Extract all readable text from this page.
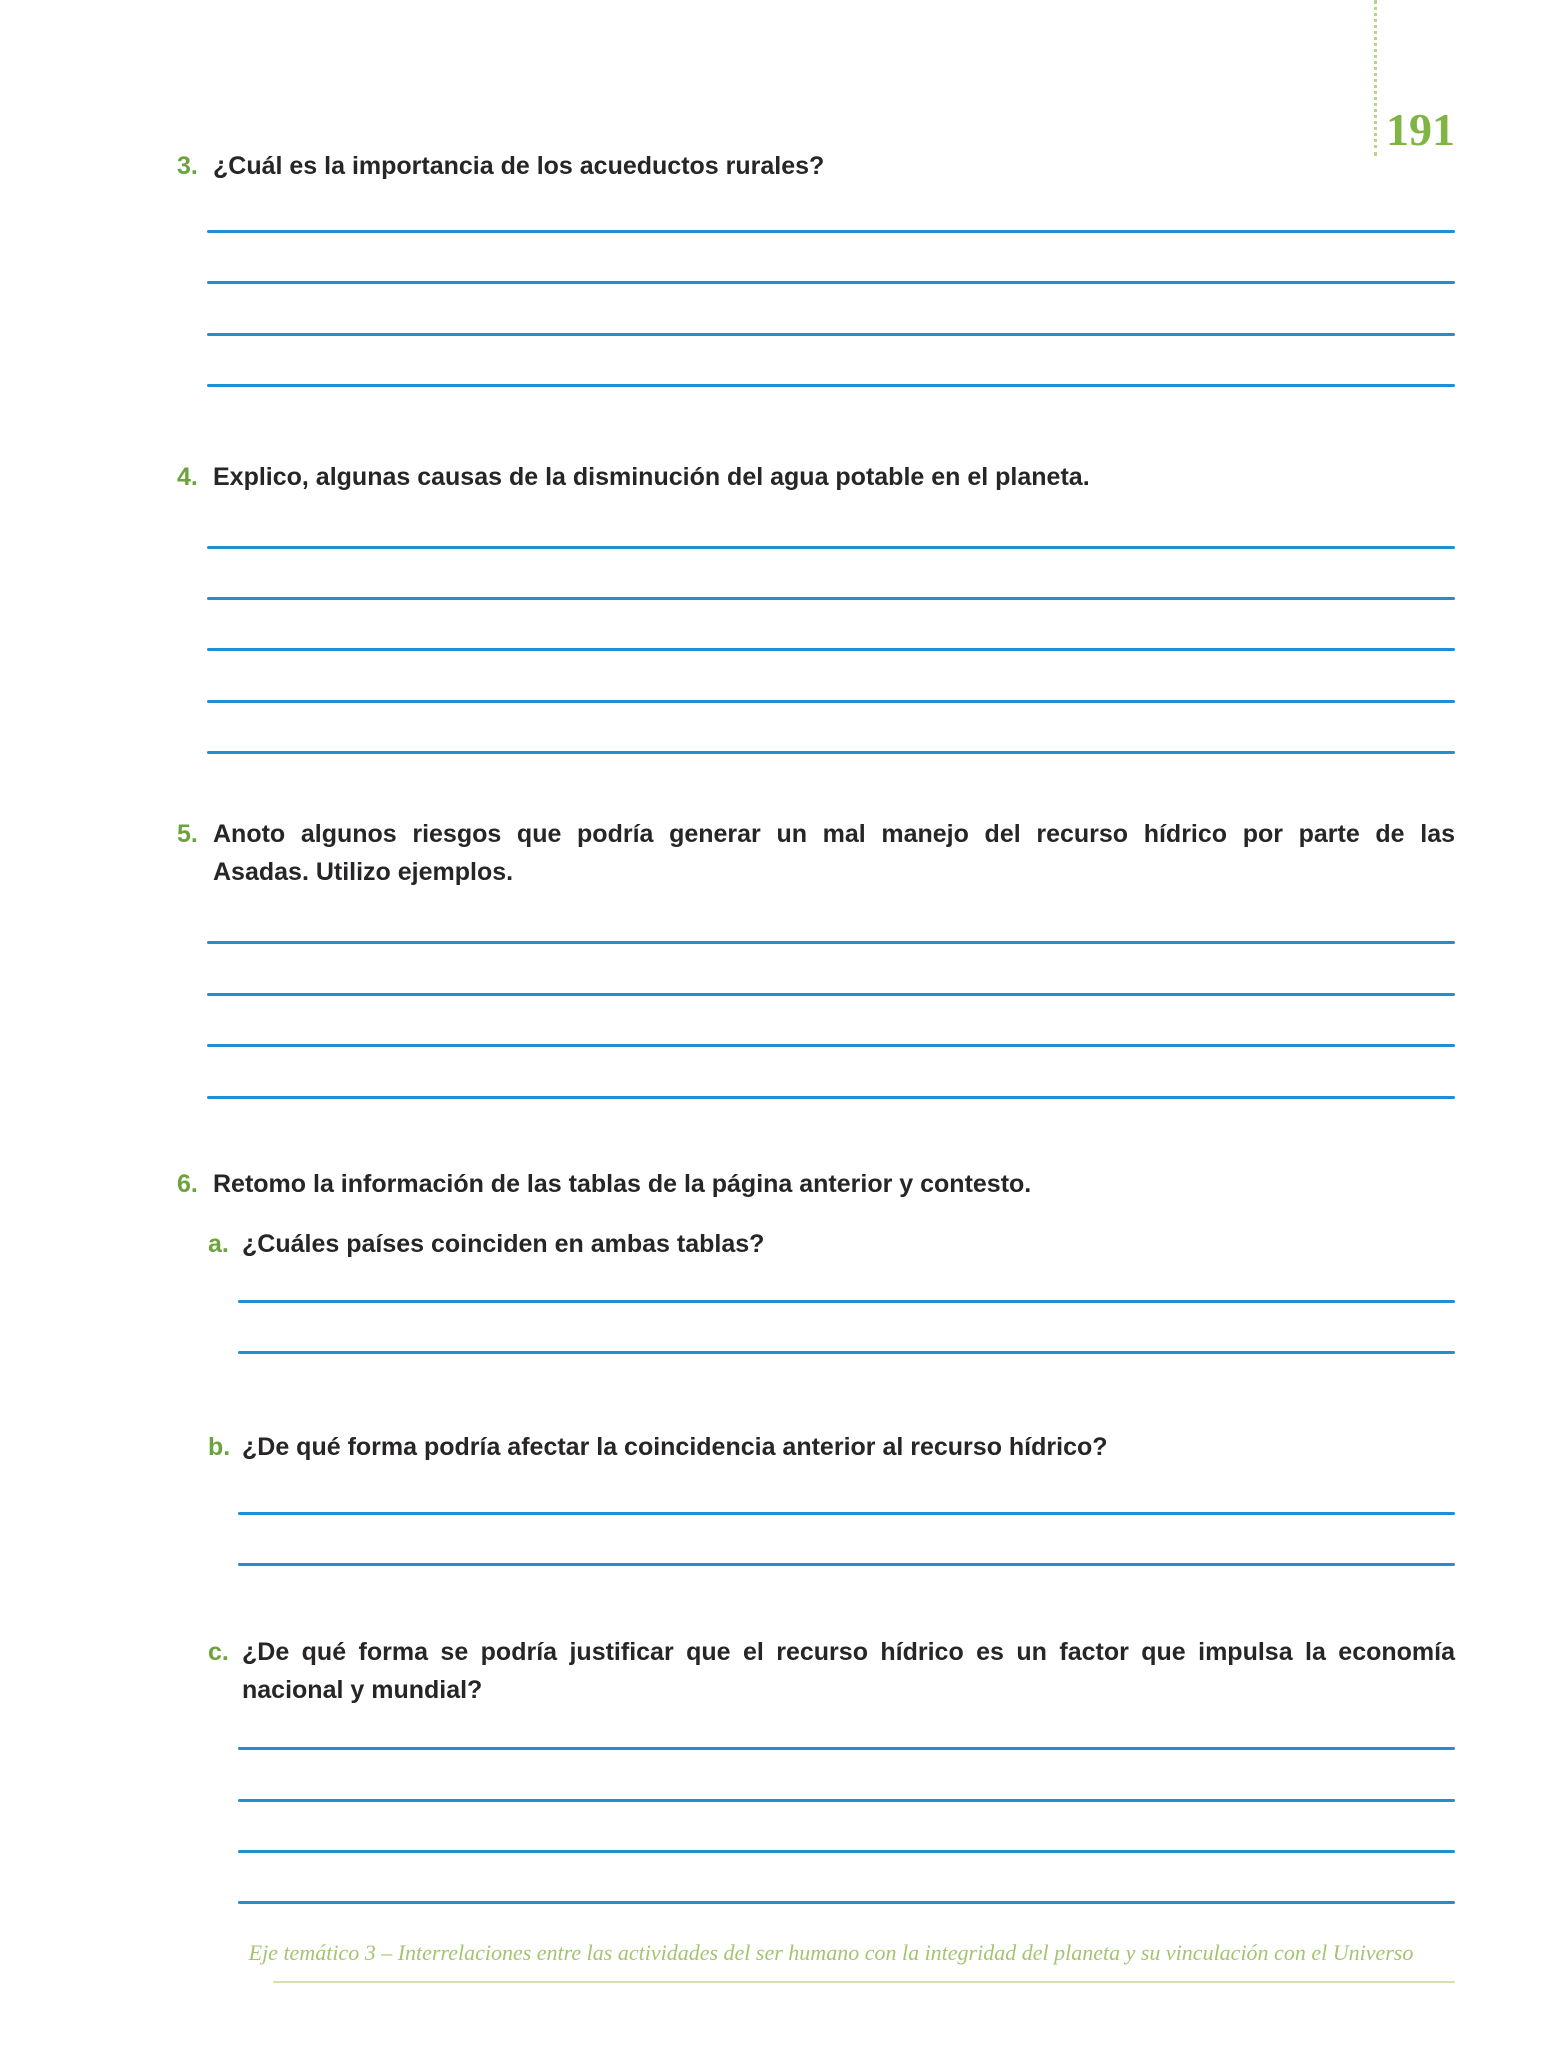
191
3. ¿Cuál es la importancia de los acueductos rurales?
4. Explico, algunas causas de la disminución del agua potable en el planeta.
5. Anoto algunos riesgos que podría generar un mal manejo del recurso hídrico por parte de las
Asadas. Utilizo ejemplos.
6. Retomo la información de las tablas de la página anterior y contesto.
a. ¿Cuáles países coinciden en ambas tablas?
b. ¿De qué forma podría afectar la coincidencia anterior al recurso hídrico?
c. ¿De qué forma se podría justificar que el recurso hídrico es un factor que impulsa la economía
nacional y mundial?
Eje temático 3 – Interrelaciones entre las actividades del ser humano con la integridad del planeta y su vinculación con el Universo
